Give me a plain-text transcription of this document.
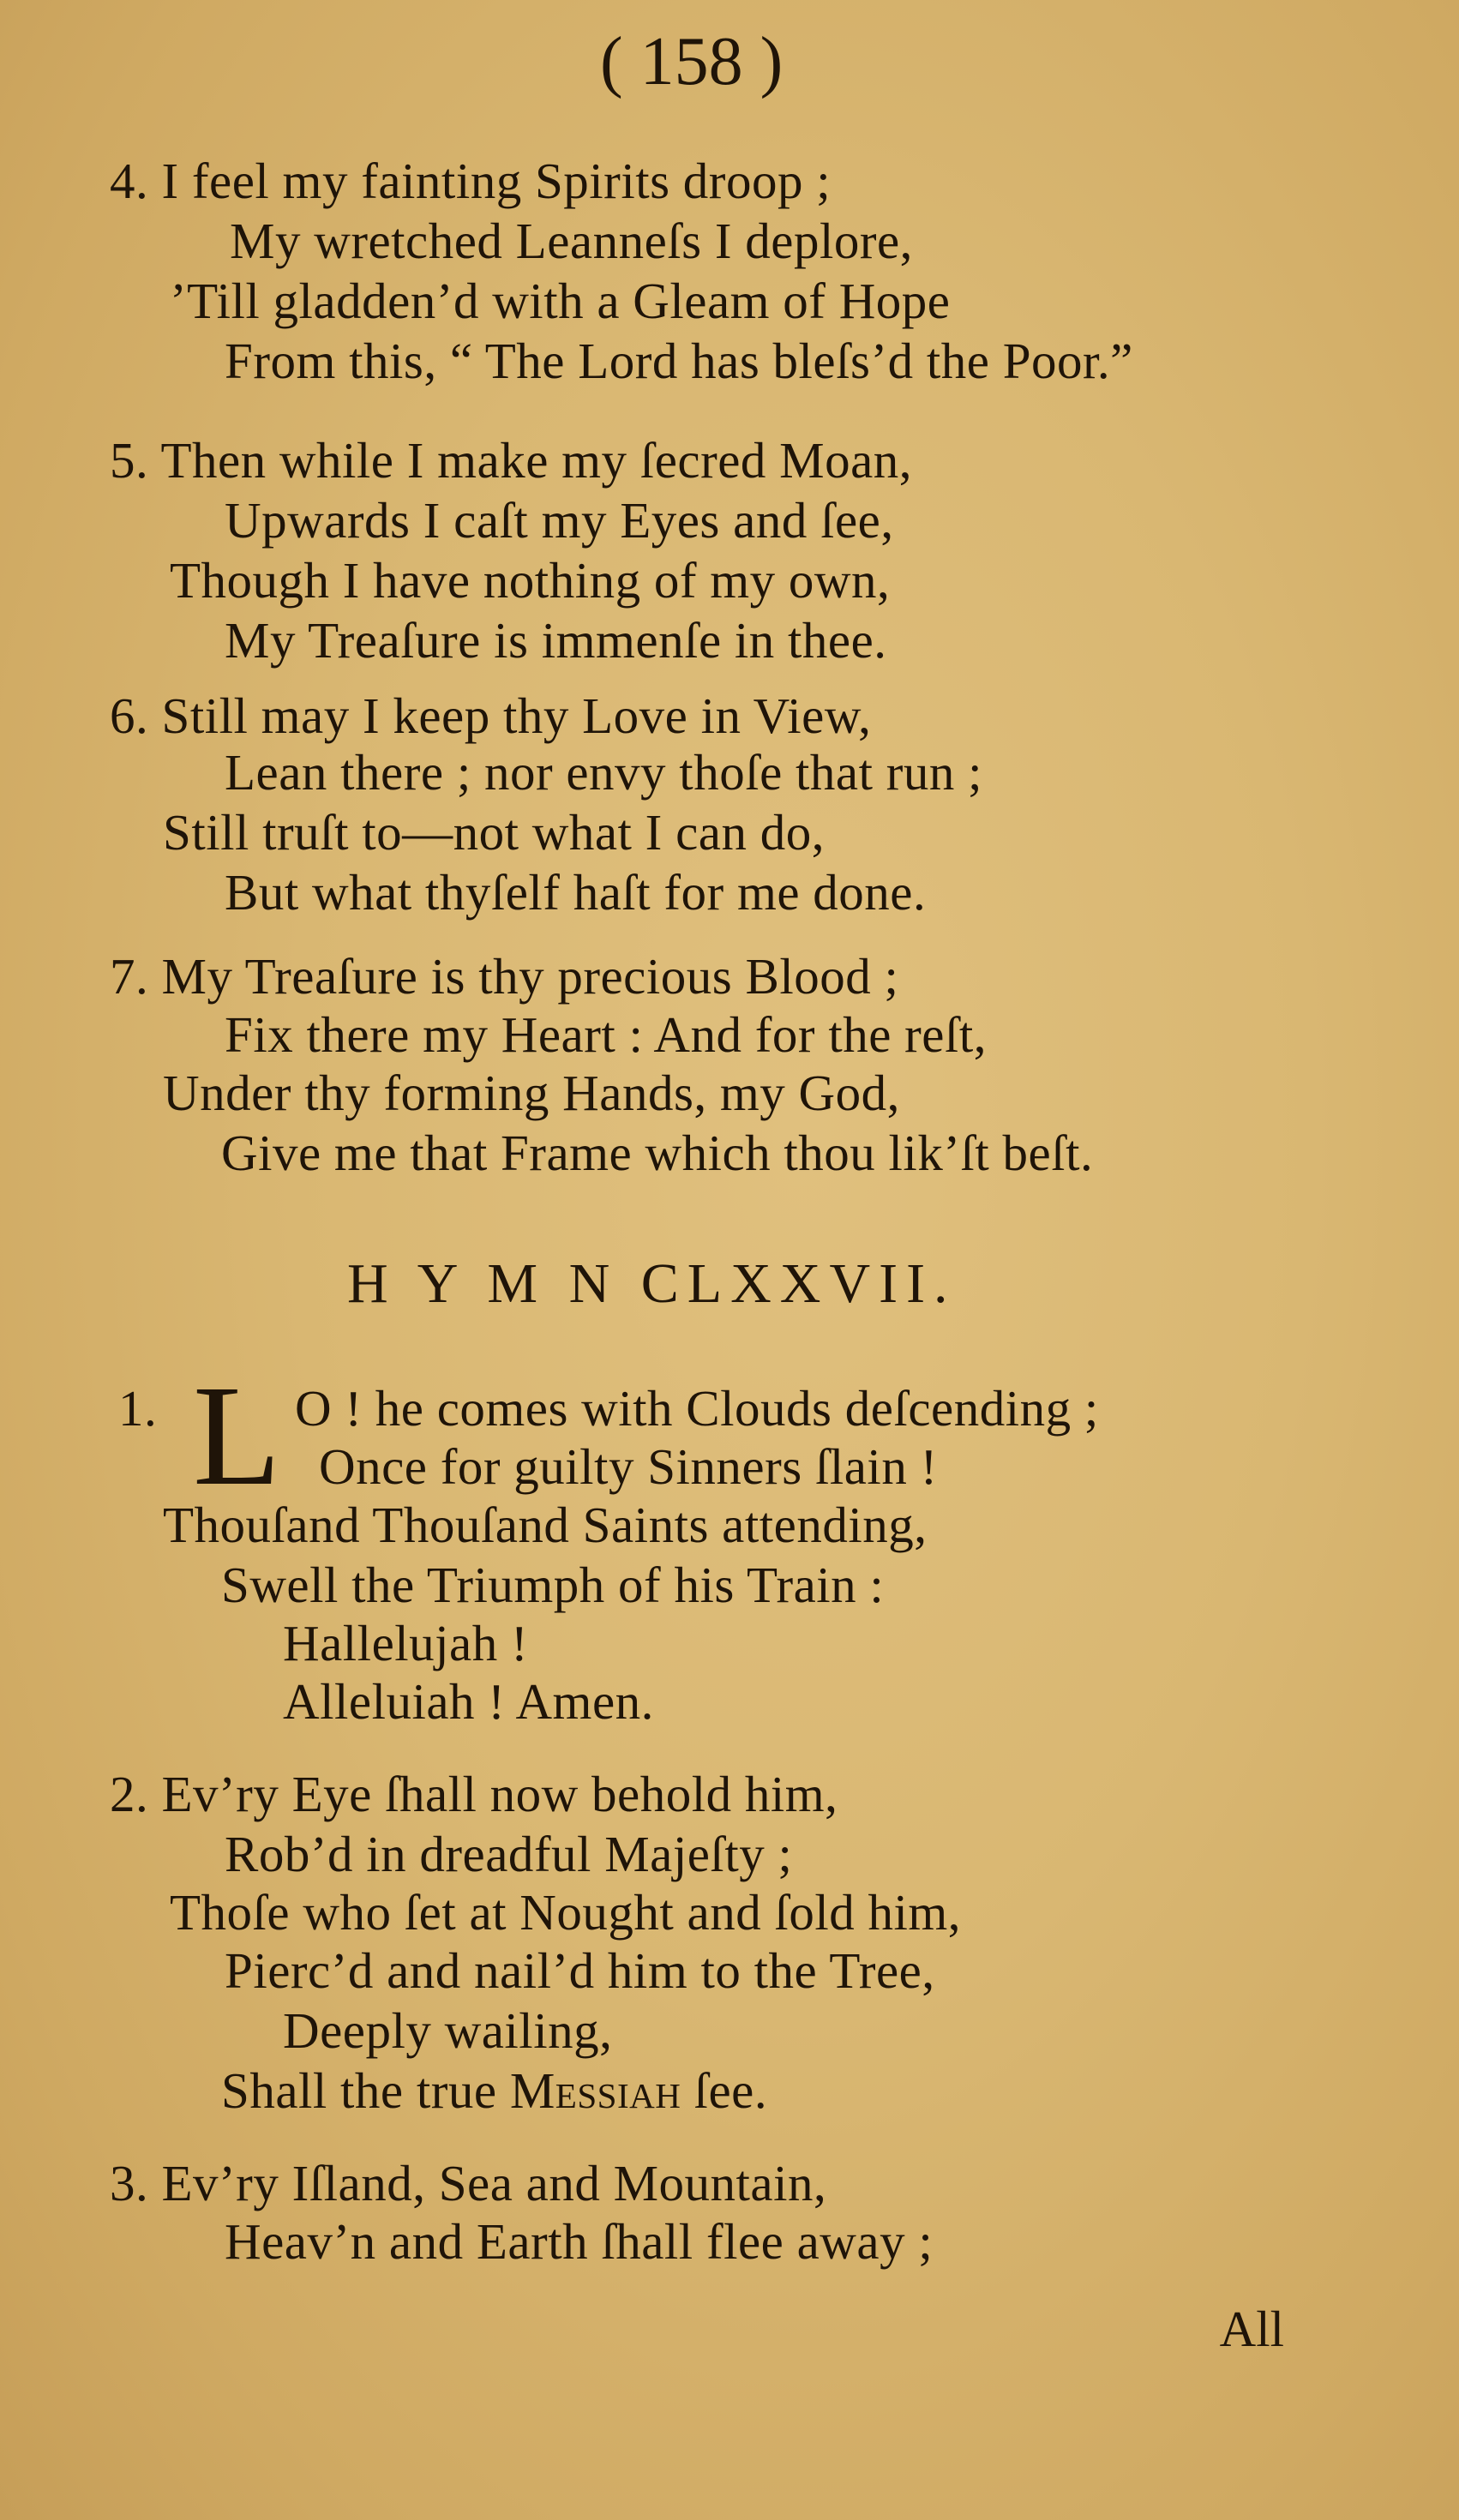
( 158 )
4. I feel my fainting Spirits droop ;
My wretched Leanneſs I deplore,
’Till gladden’d with a Gleam of Hope
From this, “ The Lord has bleſs’d the Poor.”
5. Then while I make my ſecred Moan,
Upwards I caſt my Eyes and ſee,
Though I have nothing of my own,
My Treaſure is immenſe in thee.
6. Still may I keep thy Love in View,
Lean there ; nor envy thoſe that run ;
Still truſt to—not what I can do,
But what thyſelf haſt for me done.
7. My Treaſure is thy precious Blood ;
Fix there my Heart : And for the reſt,
Under thy forming Hands, my God,
Give me that Frame which thou lik’ſt beſt.
H Y M N CLXXVII.
1. L O ! he comes with Clouds deſcending ;
Once for guilty Sinners ſlain !
Thouſand Thouſand Saints attending,
Swell the Triumph of his Train :
Hallelujah !
Alleluiah ! Amen.
2. Ev’ry Eye ſhall now behold him,
Rob’d in dreadful Majeſty ;
Thoſe who ſet at Nought and ſold him,
Pierc’d and nail’d him to the Tree,
Deeply wailing,
Shall the true Messiah ſee.
3. Ev’ry Iſland, Sea and Mountain,
Heav’n and Earth ſhall flee away ;
All
